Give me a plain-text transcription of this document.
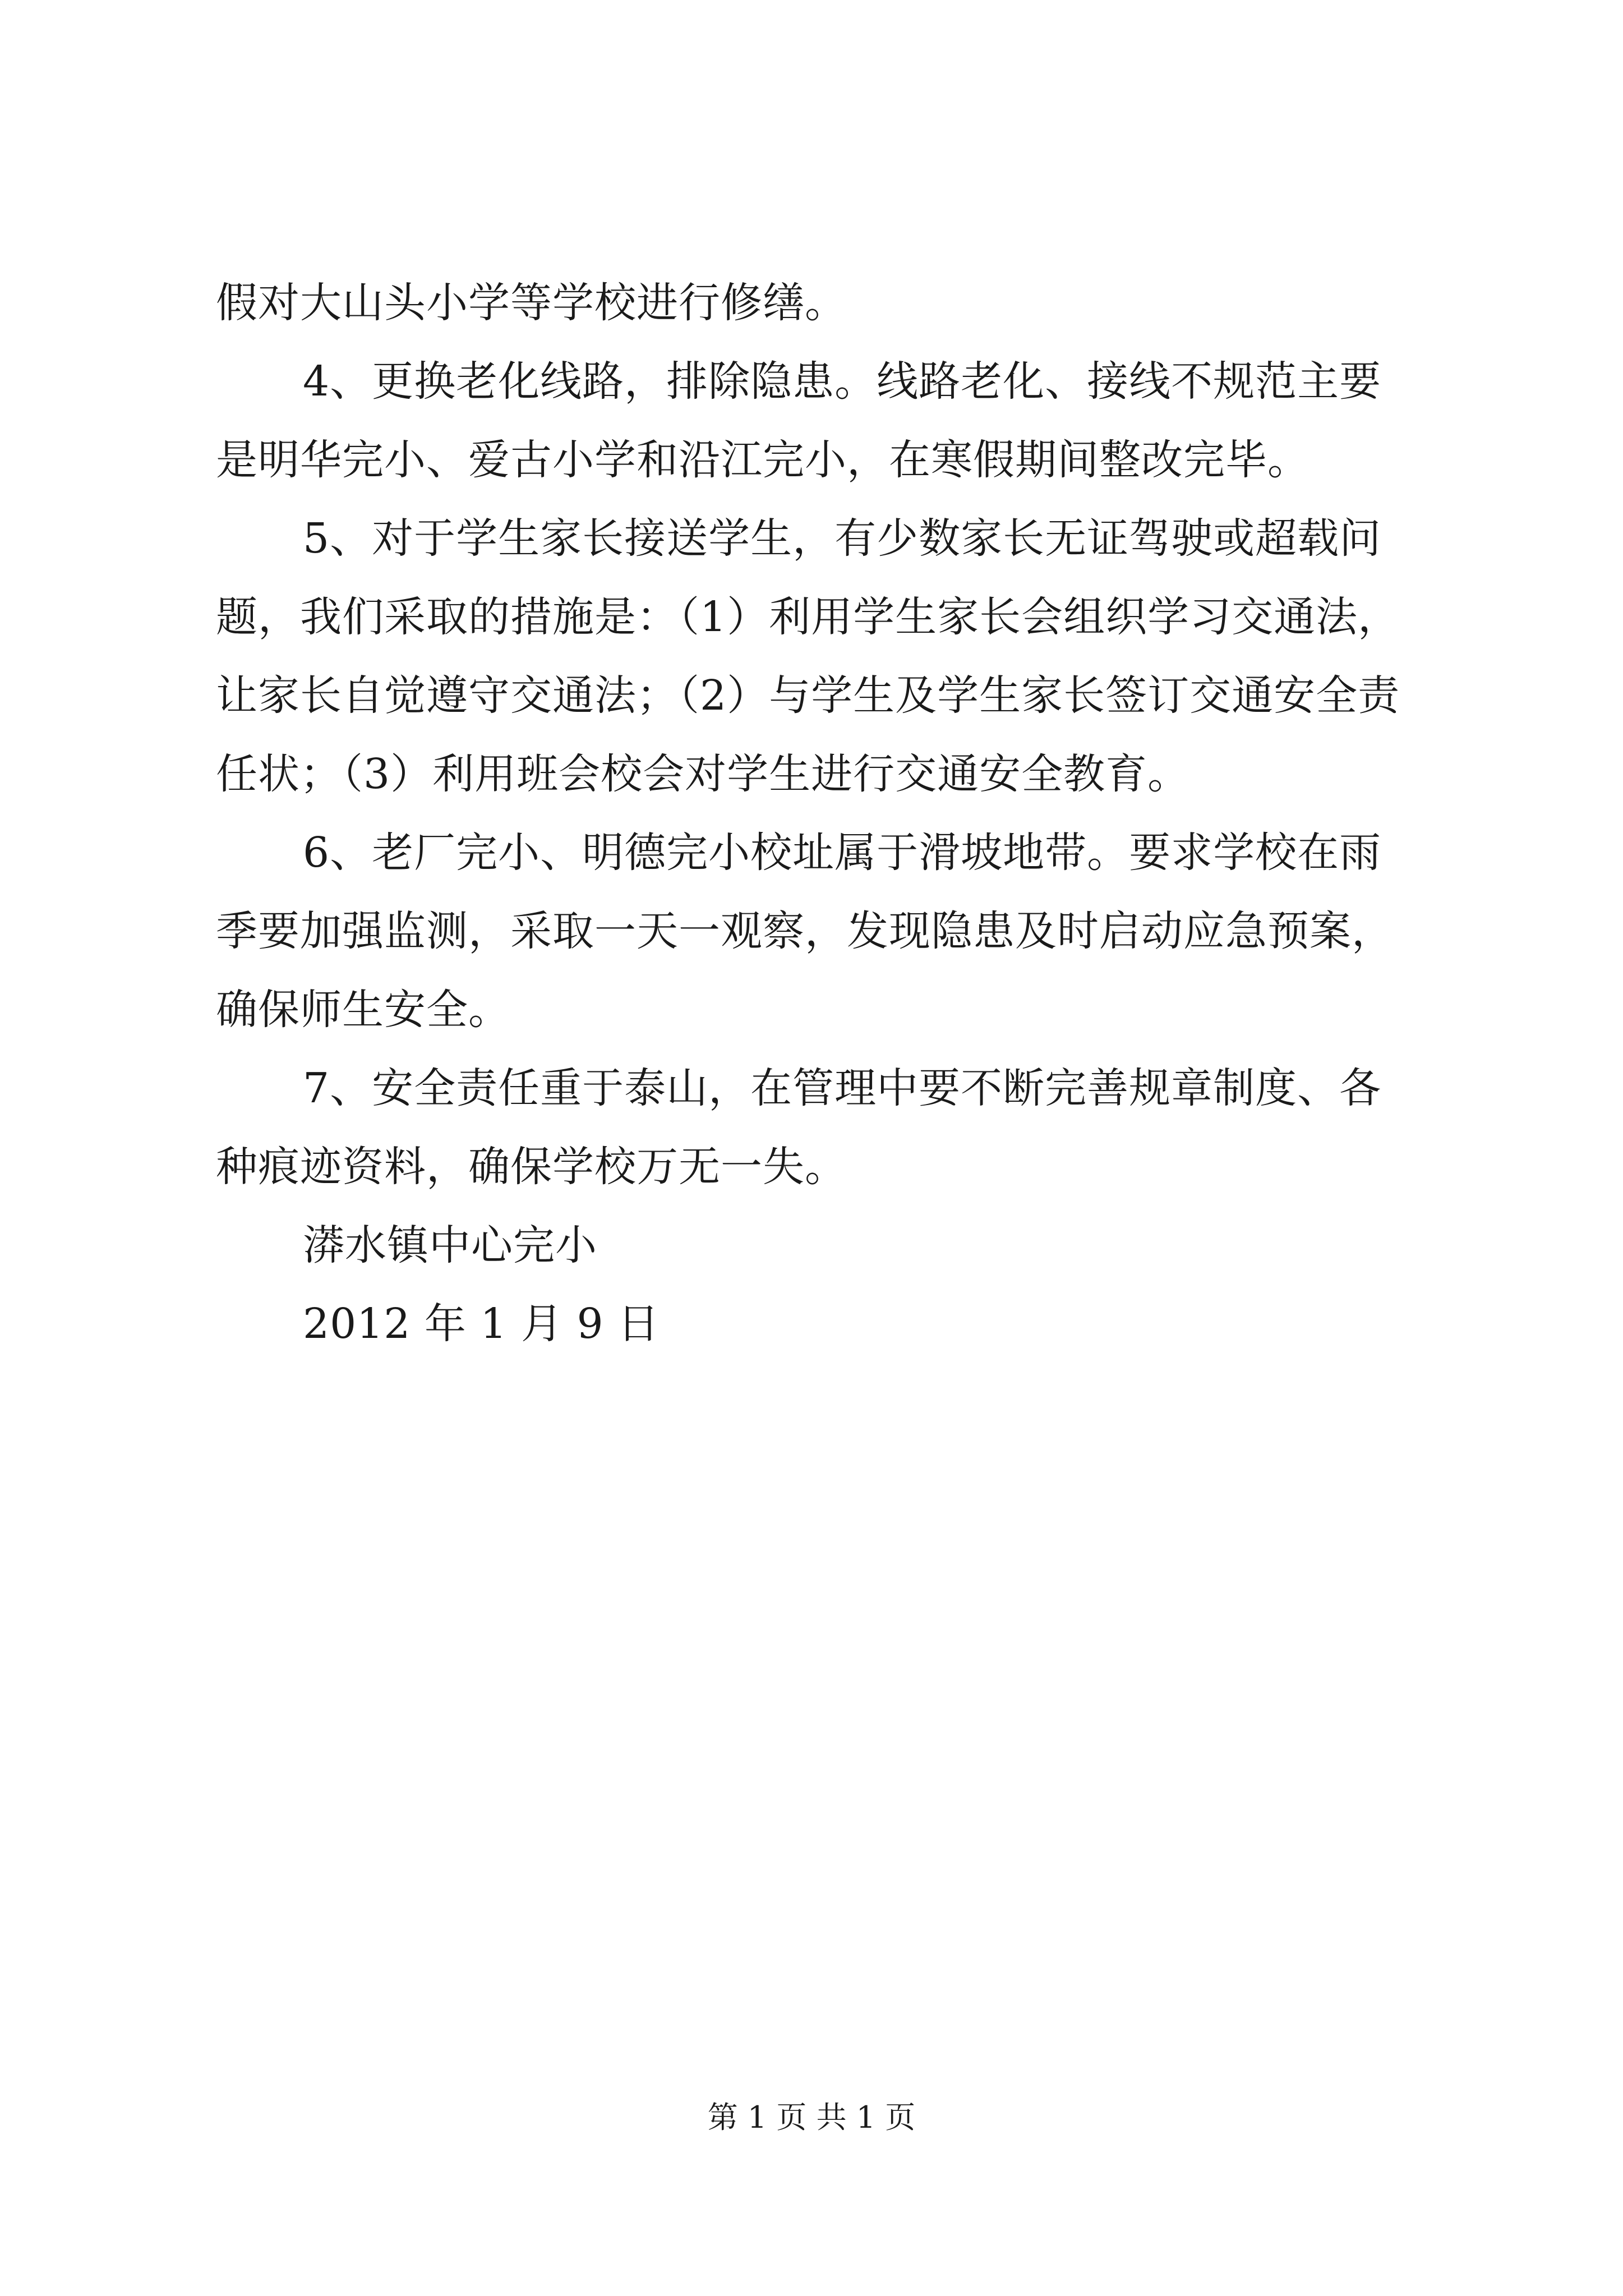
假对大山头小学等学校进行修缮。
4、更换老化线路，排除隐患。线路老化、接线不规范主要
是明华完小、爱古小学和沿江完小，在寒假期间整改完毕。
5、对于学生家长接送学生，有少数家长无证驾驶或超载问
题，我们采取的措施是：（1）利用学生家长会组织学习交通法，
让家长自觉遵守交通法；（2）与学生及学生家长签订交通安全责
任状；（3）利用班会校会对学生进行交通安全教育。
6、老厂完小、明德完小校址属于滑坡地带。要求学校在雨
季要加强监测，采取一天一观察，发现隐患及时启动应急预案，
确保师生安全。
7、安全责任重于泰山，在管理中要不断完善规章制度、各
种痕迹资料，确保学校万无一失。
漭水镇中心完小
2012 年 1 月 9 日
第 1 页 共 1 页
